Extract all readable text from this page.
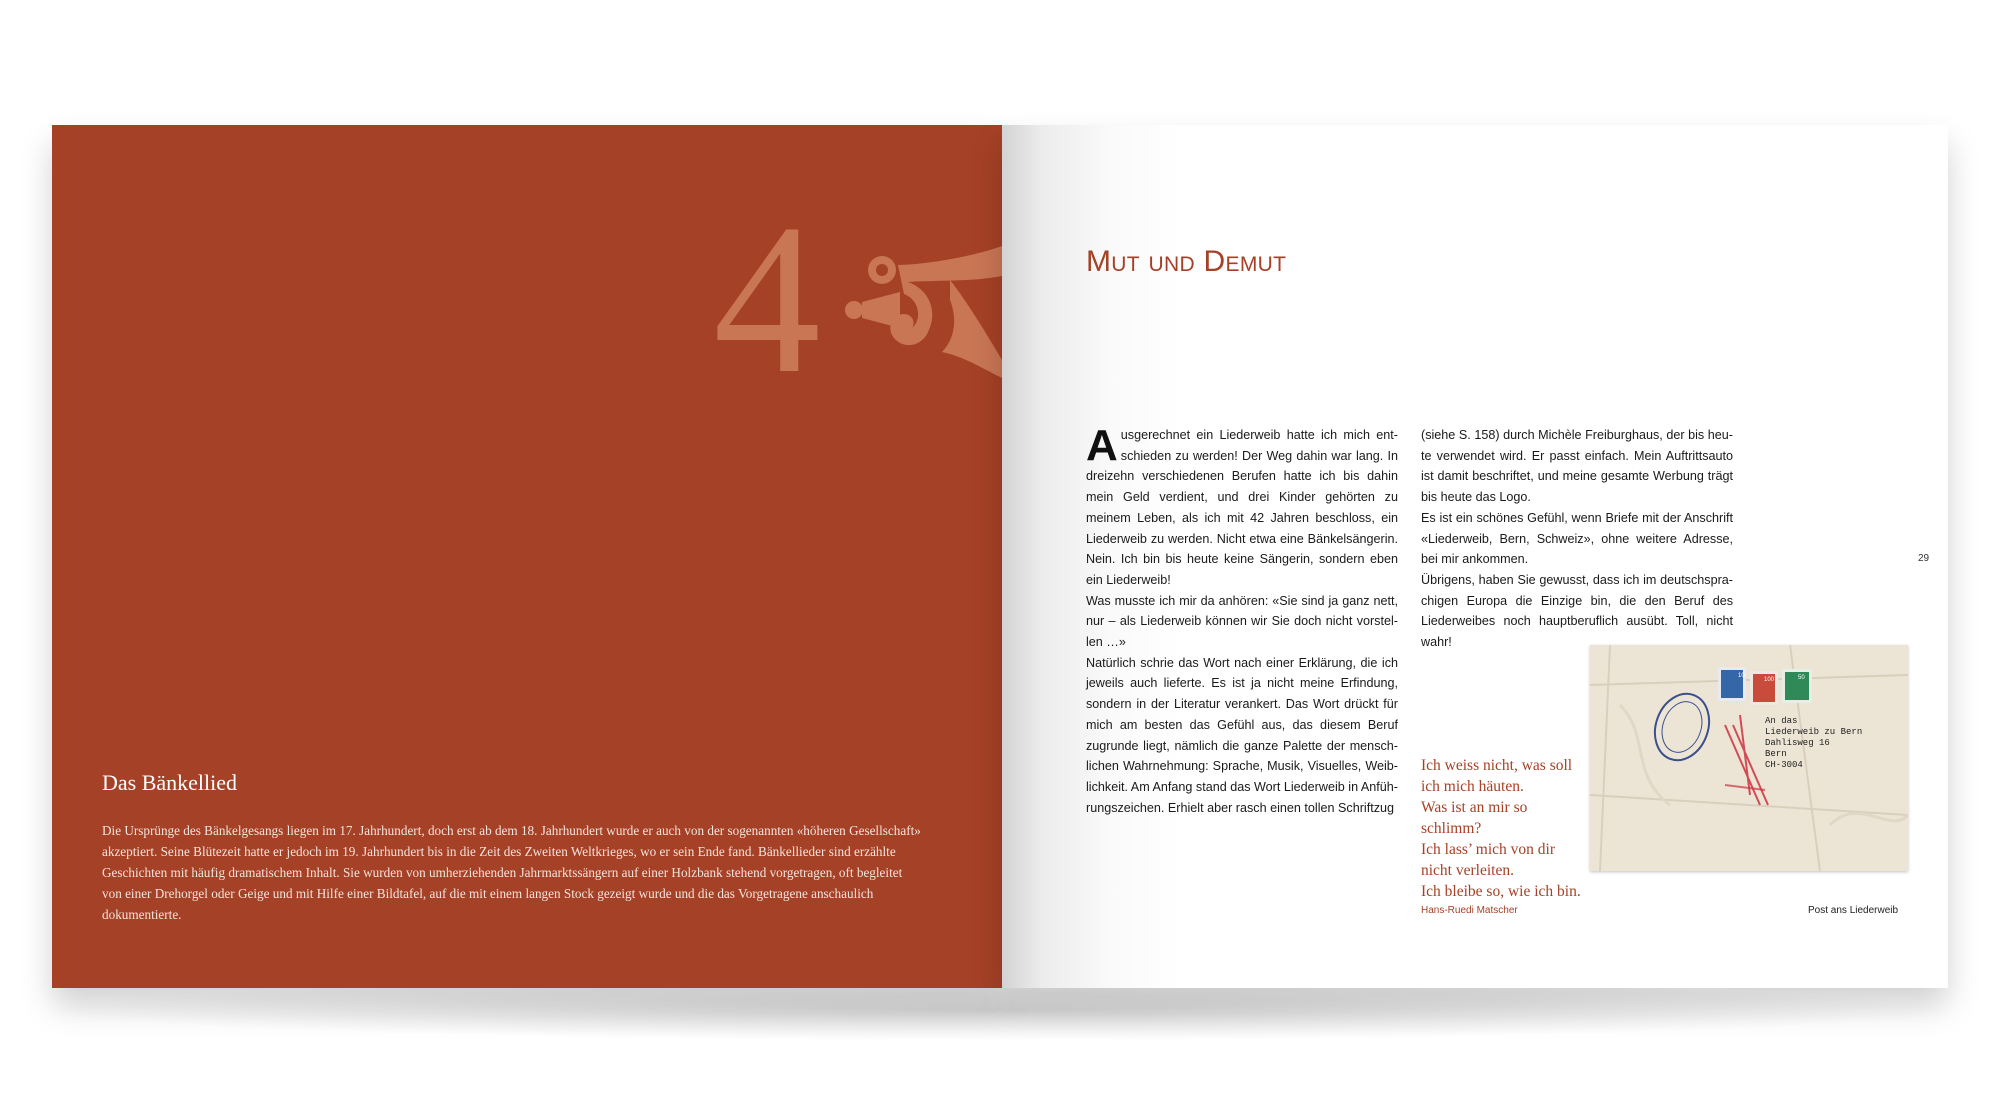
4
Das Bänkellied
Die Ursprünge des Bänkelgesangs liegen im 17. Jahrhundert, doch erst ab dem 18. Jahrhundert wurde er auch von der sogenannten «höheren Gesellschaft» akzeptiert. Seine Blütezeit hatte er jedoch im 19. Jahrhundert bis in die Zeit des Zweiten Weltkrieges, wo er sein Ende fand. Bänkellieder sind erzählte Geschichten mit häufig dramatischem Inhalt. Sie wurden von umherziehenden Jahrmarktssängern auf einer Holzbank stehend vorgetragen, oft begleitet von einer Drehorgel oder Geige und mit Hilfe einer Bildtafel, auf die mit einem langen Stock gezeigt wurde und die das Vorgetragene anschaulich dokumentierte.
Mut und Demut

Ausgerechnet ein Liederweib hatte ich mich entschieden zu werden! Der Weg dahin war lang. In dreizehn verschiedenen Berufen hatte ich bis dahin mein Geld verdient, und drei Kinder gehörten zu meinem Leben, als ich mit 42 Jahren beschloss, ein Liederweib zu werden. Nicht etwa eine Bänkelsängerin. Nein. Ich bin bis heute keine Sängerin, sondern eben ein Liederweib!

Was musste ich mir da anhören: «Sie sind ja ganz nett, nur – als Liederweib können wir Sie doch nicht vorstellen …»

Natürlich schrie das Wort nach einer Erklärung, die ich jeweils auch lieferte. Es ist ja nicht meine Erfindung, sondern in der Literatur verankert. Das Wort drückt für mich am besten das Gefühl aus, das diesem Beruf zugrunde liegt, nämlich die ganze Palette der menschlichen Wahrnehmung: Sprache, Musik, Visuelles, Weiblichkeit. Am Anfang stand das Wort Liederweib in Anführungszeichen. Erhielt aber rasch einen tollen Schriftzug

(siehe S. 158) durch Michèle Freiburghaus, der bis heute verwendet wird. Er passt einfach. Mein Auftrittsauto ist damit beschriftet, und meine gesamte Werbung trägt bis heute das Logo.

Es ist ein schönes Gefühl, wenn Briefe mit der Anschrift «Liederweib, Bern, Schweiz», ohne weitere Adresse, bei mir ankommen.

Übrigens, haben Sie gewusst, dass ich im deutschsprachigen Europa die Einzige bin, die den Beruf des Liederweibes noch hauptberuflich ausübt. Toll, nicht wahr!

Ich weiss nicht, was soll
ich mich häuten.
Was ist an mir so
schlimm?
Ich lass’ mich von dir
nicht verleiten.
Ich bleibe so, wie ich bin.
Hans-Ruedi Matscher
29
10
100	50
An das
Liederweib zu Bern
Dahlisweg 16
Bern
CH-3004
Post ans Liederweib
